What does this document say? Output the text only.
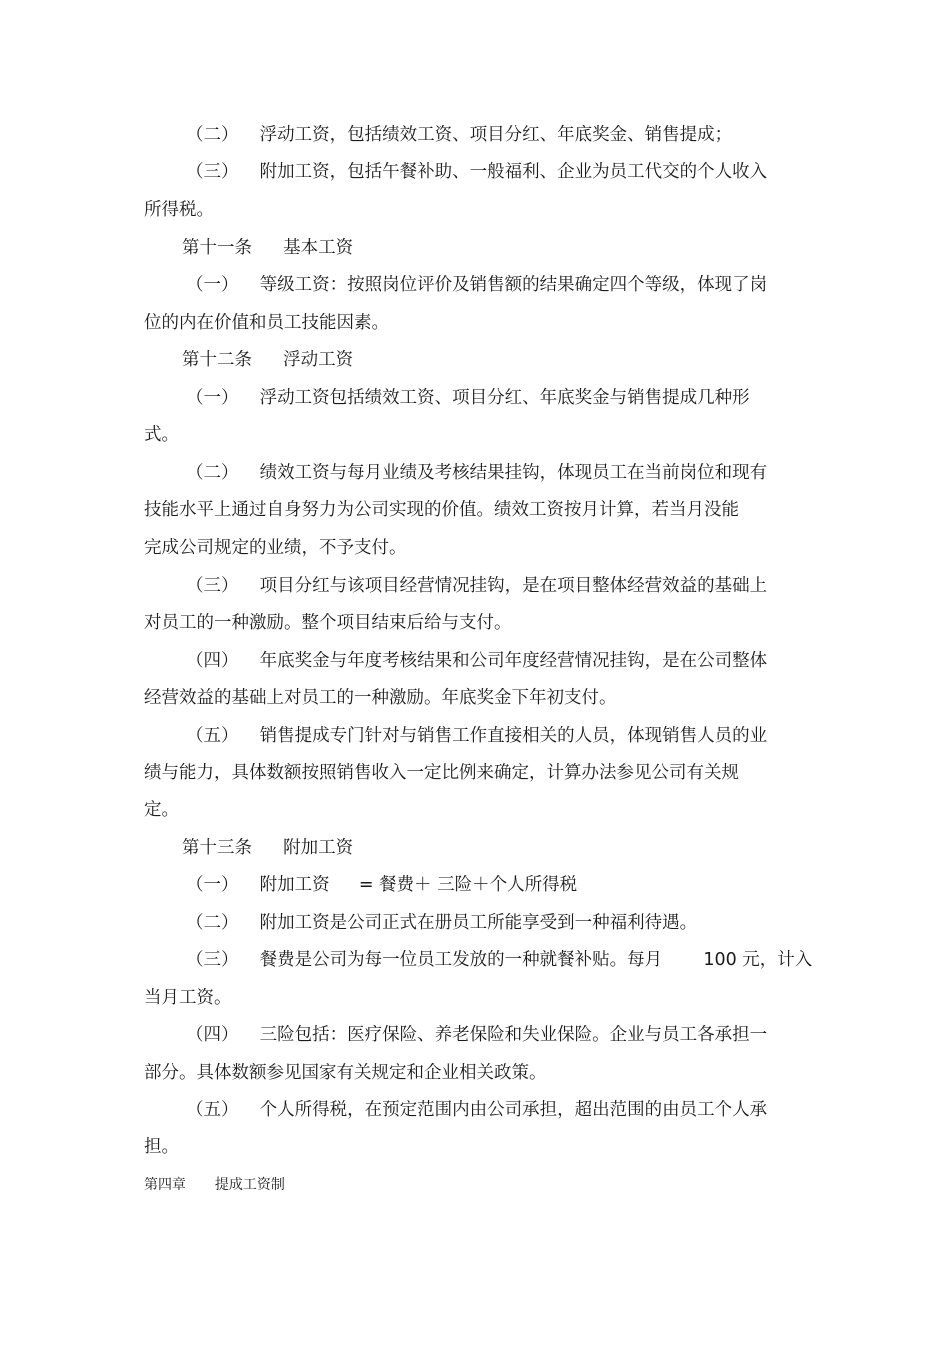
（二） 浮动工资，包括绩效工资、项目分红、年底奖金、销售提成；
（三） 附加工资，包括午餐补助、一般福利、企业为员工代交的个人收入
所得税。
第十一条 基本工资
（一） 等级工资：按照岗位评价及销售额的结果确定四个等级，体现了岗
位的内在价值和员工技能因素。
第十二条 浮动工资
（一） 浮动工资包括绩效工资、项目分红、年底奖金与销售提成几种形
式。
（二） 绩效工资与每月业绩及考核结果挂钩，体现员工在当前岗位和现有
技能水平上通过自身努力为公司实现的价值。绩效工资按月计算，若当月没能
完成公司规定的业绩，不予支付。
（三） 项目分红与该项目经营情况挂钩，是在项目整体经营效益的基础上
对员工的一种激励。整个项目结束后给与支付。
（四） 年底奖金与年度考核结果和公司年度经营情况挂钩，是在公司整体
经营效益的基础上对员工的一种激励。年底奖金下年初支付。
（五） 销售提成专门针对与销售工作直接相关的人员，体现销售人员的业
绩与能力，具体数额按照销售收入一定比例来确定，计算办法参见公司有关规
定。
第十三条 附加工资
（一） 附加工资 = 餐费＋ 三险＋个人所得税
（二） 附加工资是公司正式在册员工所能享受到一种福利待遇。
（三） 餐费是公司为每一位员工发放的一种就餐补贴。每月 100 元，计入
当月工资。
（四） 三险包括：医疗保险、养老保险和失业保险。企业与员工各承担一
部分。具体数额参见国家有关规定和企业相关政策。
（五） 个人所得税，在预定范围内由公司承担，超出范围的由员工个人承
担。
第四章 提成工资制
